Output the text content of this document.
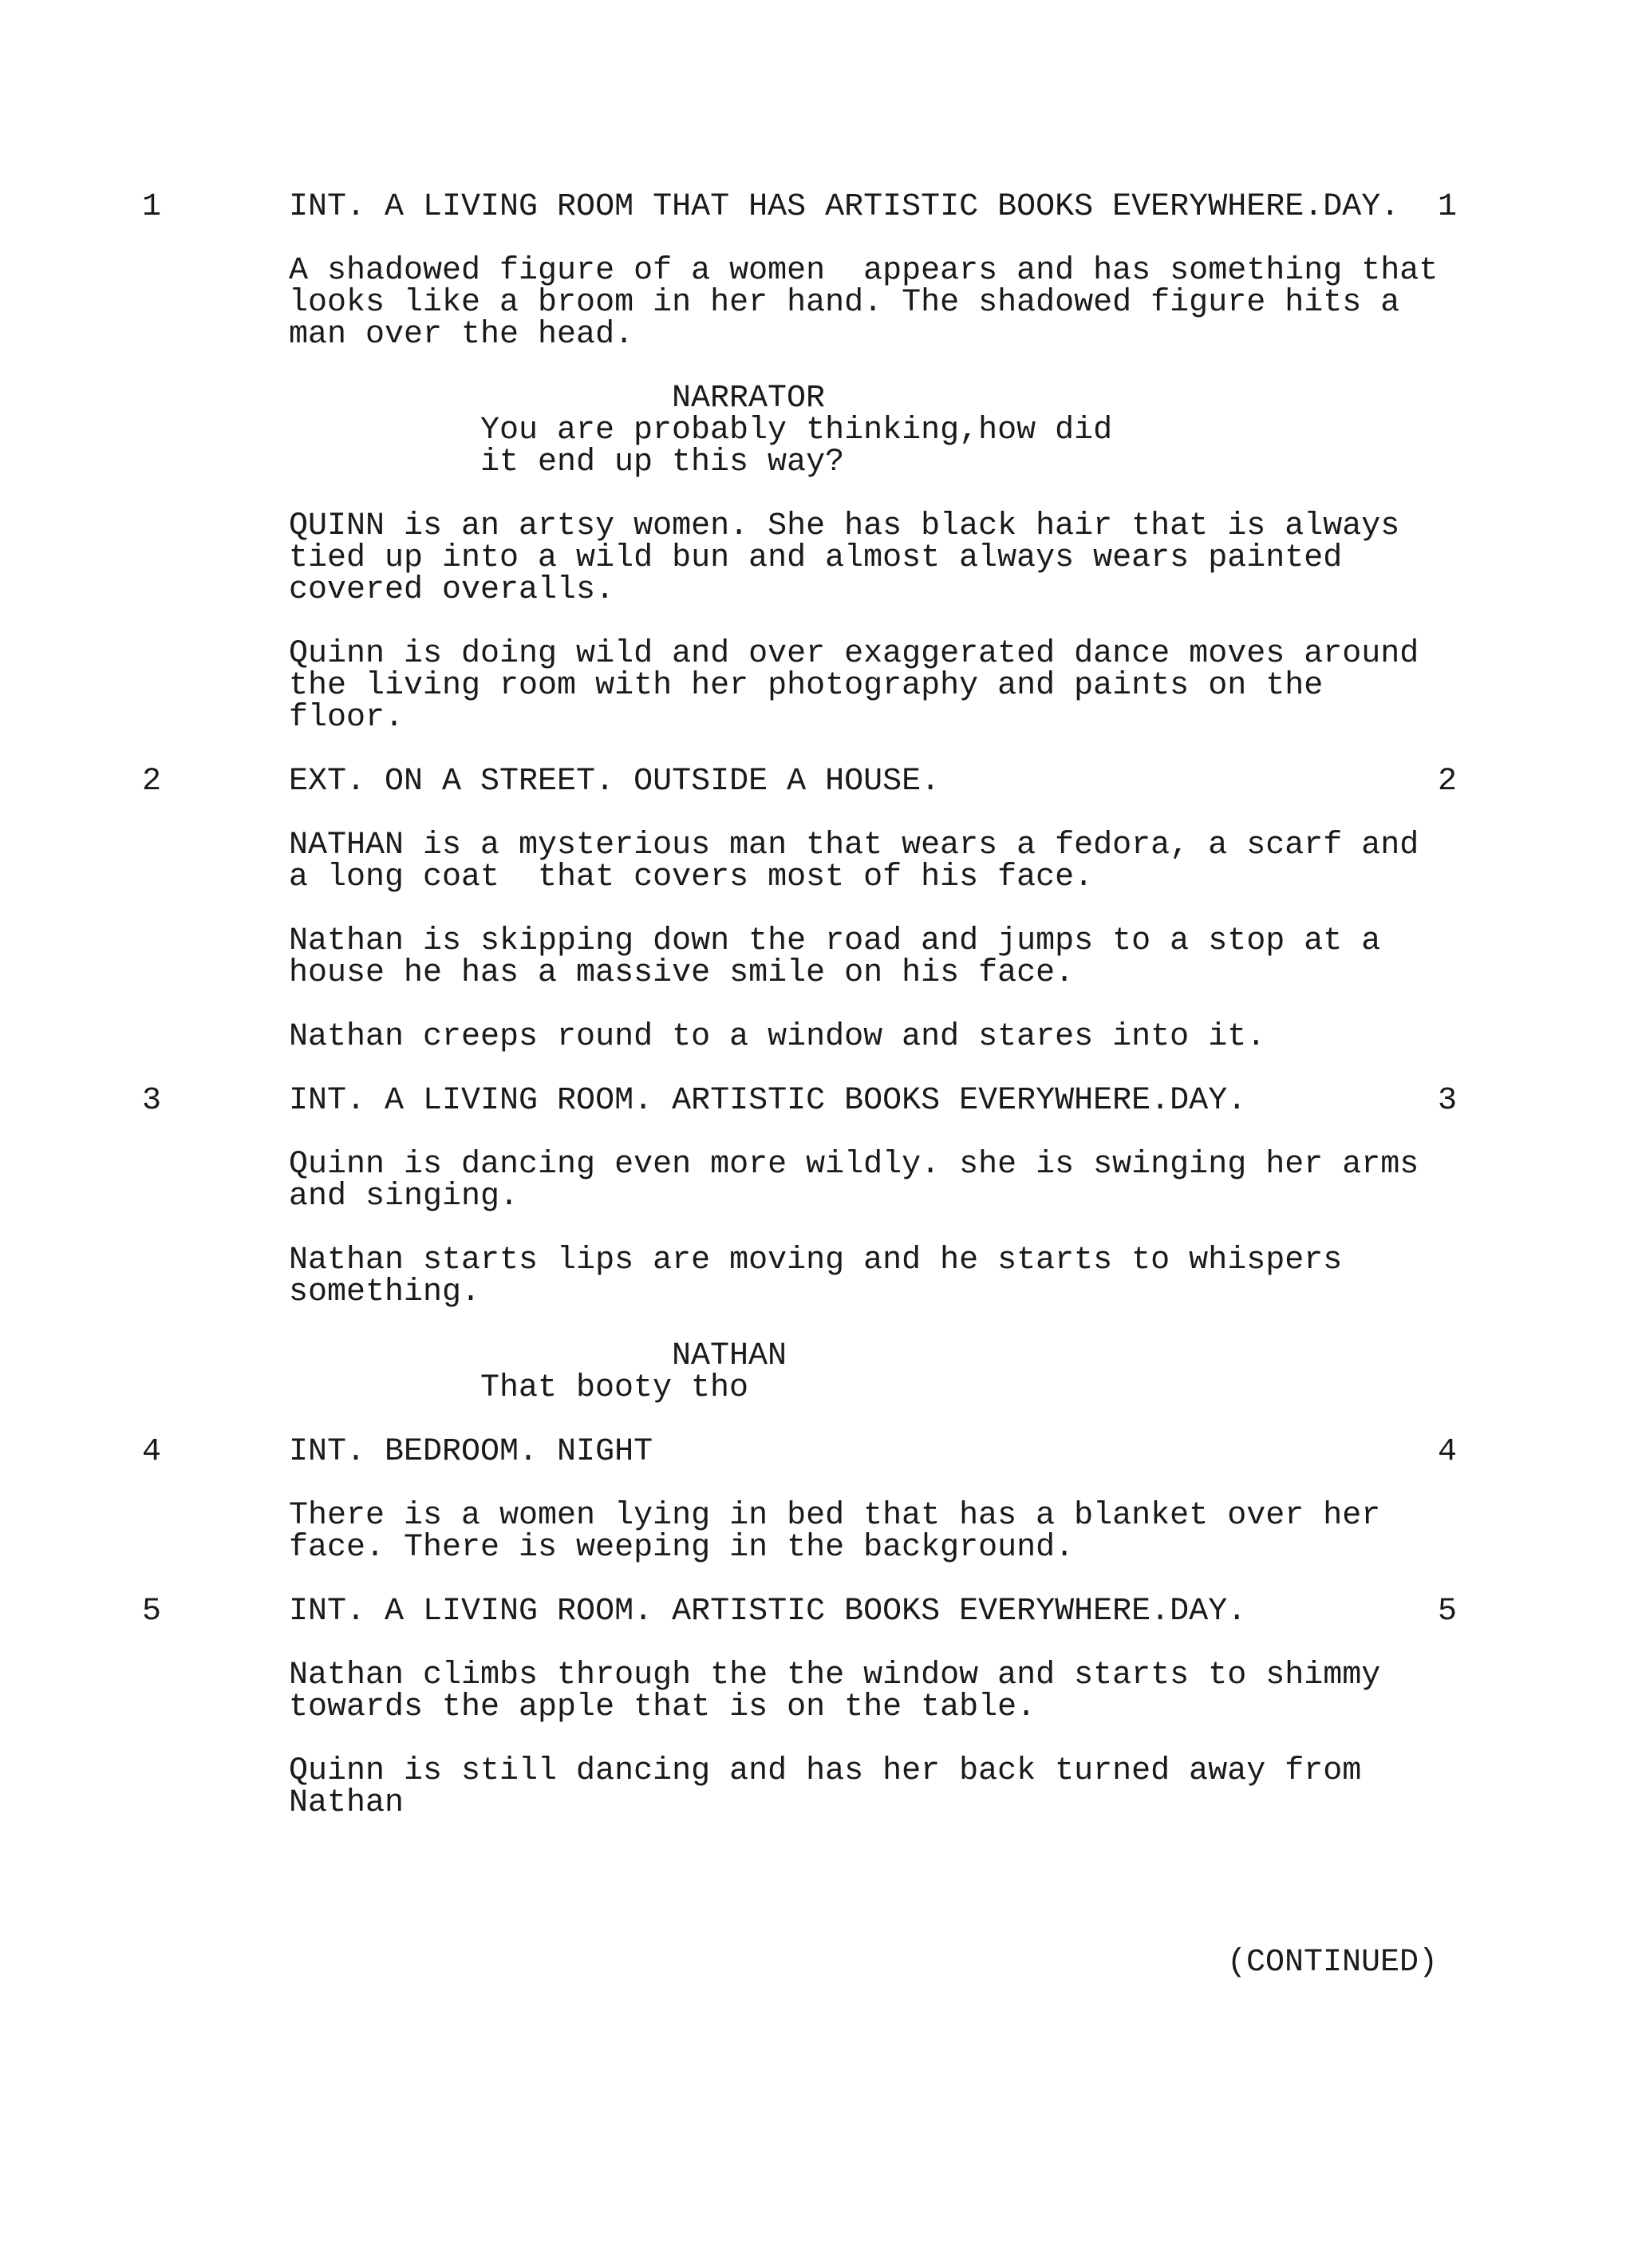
1

	INT. A LIVING ROOM THAT HAS ARTISTIC BOOKS EVERYWHERE.DAY.

	1

A shadowed figure of a women  appears and has something that

looks like a broom in her hand. The shadowed figure hits a

man over the head.

NARRATOR

You are probably thinking,how did

it end up this way?

QUINN is an artsy women. She has black hair that is always

tied up into a wild bun and almost always wears painted

covered overalls.

Quinn is doing wild and over exaggerated dance moves around

the living room with her photography and paints on the

floor.

2

	EXT. ON A STREET. OUTSIDE A HOUSE.

	2

NATHAN is a mysterious man that wears a fedora, a scarf and

a long coat  that covers most of his face.

Nathan is skipping down the road and jumps to a stop at a

house he has a massive smile on his face.

Nathan creeps round to a window and stares into it.

3

	INT. A LIVING ROOM. ARTISTIC BOOKS EVERYWHERE.DAY.

	3

Quinn is dancing even more wildly. she is swinging her arms

and singing.

Nathan starts lips are moving and he starts to whispers

something.

NATHAN

That booty tho

4

	INT. BEDROOM. NIGHT

	4

There is a women lying in bed that has a blanket over her

face. There is weeping in the background.

5

	INT. A LIVING ROOM. ARTISTIC BOOKS EVERYWHERE.DAY.

	5

Nathan climbs through the the window and starts to shimmy

towards the apple that is on the table.

Quinn is still dancing and has her back turned away from

Nathan

(CONTINUED)
